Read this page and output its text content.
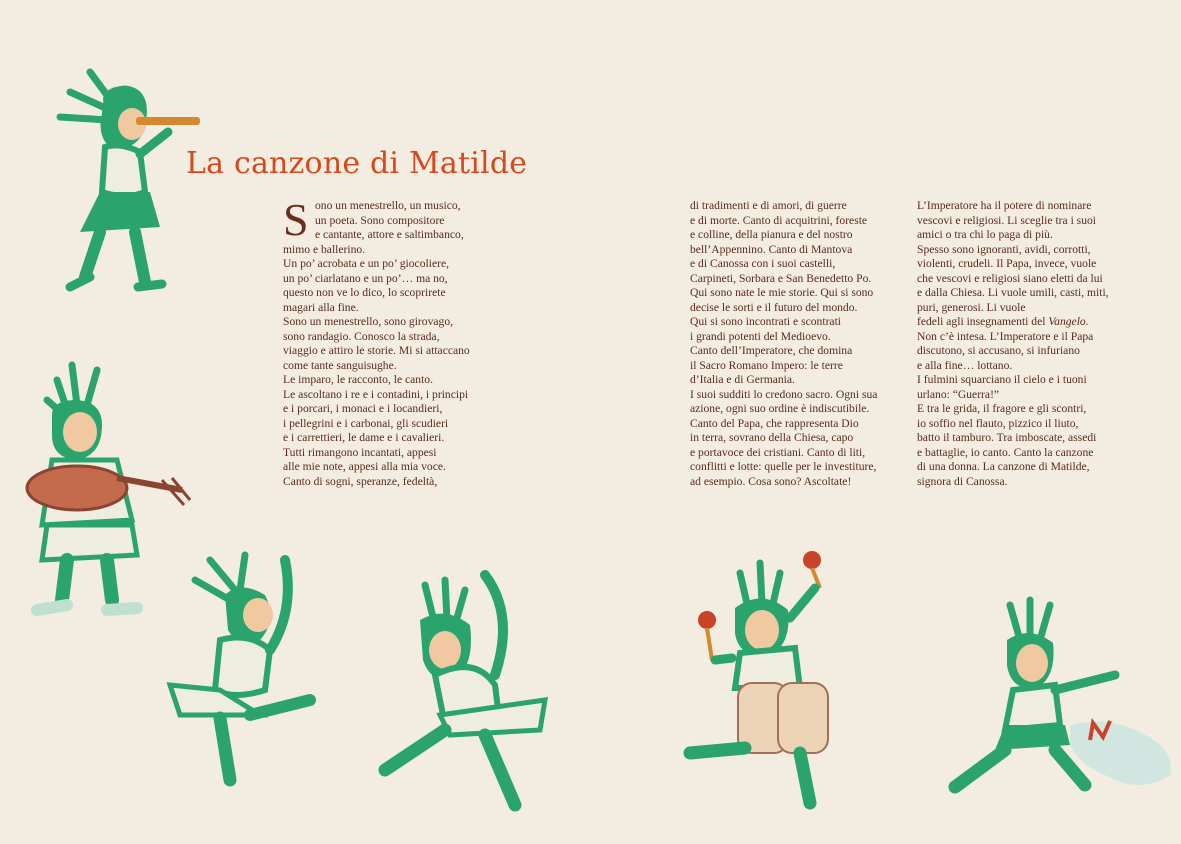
La canzone di Matilde
S ono un menestrello, un musico,
un poeta. Sono compositore
e cantante, attore e saltimbanco,
mimo e ballerino.
Un po’ acrobata e un po’ giocoliere,
un po’ ciarlatano e un po’… ma no,
questo non ve lo dico, lo scoprirete
magari alla fine.
Sono un menestrello, sono girovago,
sono randagio. Conosco la strada,
viaggio e attiro le storie. Mi si attaccano
come tante sanguisughe.
Le imparo, le racconto, le canto.
Le ascoltano i re e i contadini, i principi
e i porcari, i monaci e i locandieri,
i pellegrini e i carbonai, gli scudieri
e i carrettieri, le dame e i cavalieri.
Tutti rimangono incantati, appesi
alle mie note, appesi alla mia voce.
Canto di sogni, speranze, fedeltà,
di tradimenti e di amori, di guerre
e di morte. Canto di acquitrini, foreste
e colline, della pianura e del nostro
bell’Appennino. Canto di Mantova
e di Canossa con i suoi castelli,
Carpineti, Sorbara e San Benedetto Po.
Qui sono nate le mie storie. Qui si sono
decise le sorti e il futuro del mondo.
Qui si sono incontrati e scontrati
i grandi potenti del Medioevo.
Canto dell’Imperatore, che domina
il Sacro Romano Impero: le terre
d’Italia e di Germania.
I suoi sudditi lo credono sacro. Ogni sua
azione, ogni suo ordine è indiscutibile.
Canto del Papa, che rappresenta Dio
in terra, sovrano della Chiesa, capo
e portavoce dei cristiani. Canto di liti,
conflitti e lotte: quelle per le investiture,
ad esempio. Cosa sono? Ascoltate!
L’Imperatore ha il potere di nominare
vescovi e religiosi. Li sceglie tra i suoi
amici o tra chi lo paga di più.
Spesso sono ignoranti, avidi, corrotti,
violenti, crudeli. Il Papa, invece, vuole
che vescovi e religiosi siano eletti da lui
e dalla Chiesa. Li vuole umili, casti, miti,
puri, generosi. Li vuole
fedeli agli insegnamenti del Vangelo.
Non c’è intesa. L’Imperatore e il Papa
discutono, si accusano, si infuriano
e alla fine… lottano.
I fulmini squarciano il cielo e i tuoni
urlano: “Guerra!”
E tra le grida, il fragore e gli scontri,
io soffio nel flauto, pizzico il liuto,
batto il tamburo. Tra imboscate, assedi
e battaglie, io canto. Canto la canzone
di una donna. La canzone di Matilde,
signora di Canossa.
